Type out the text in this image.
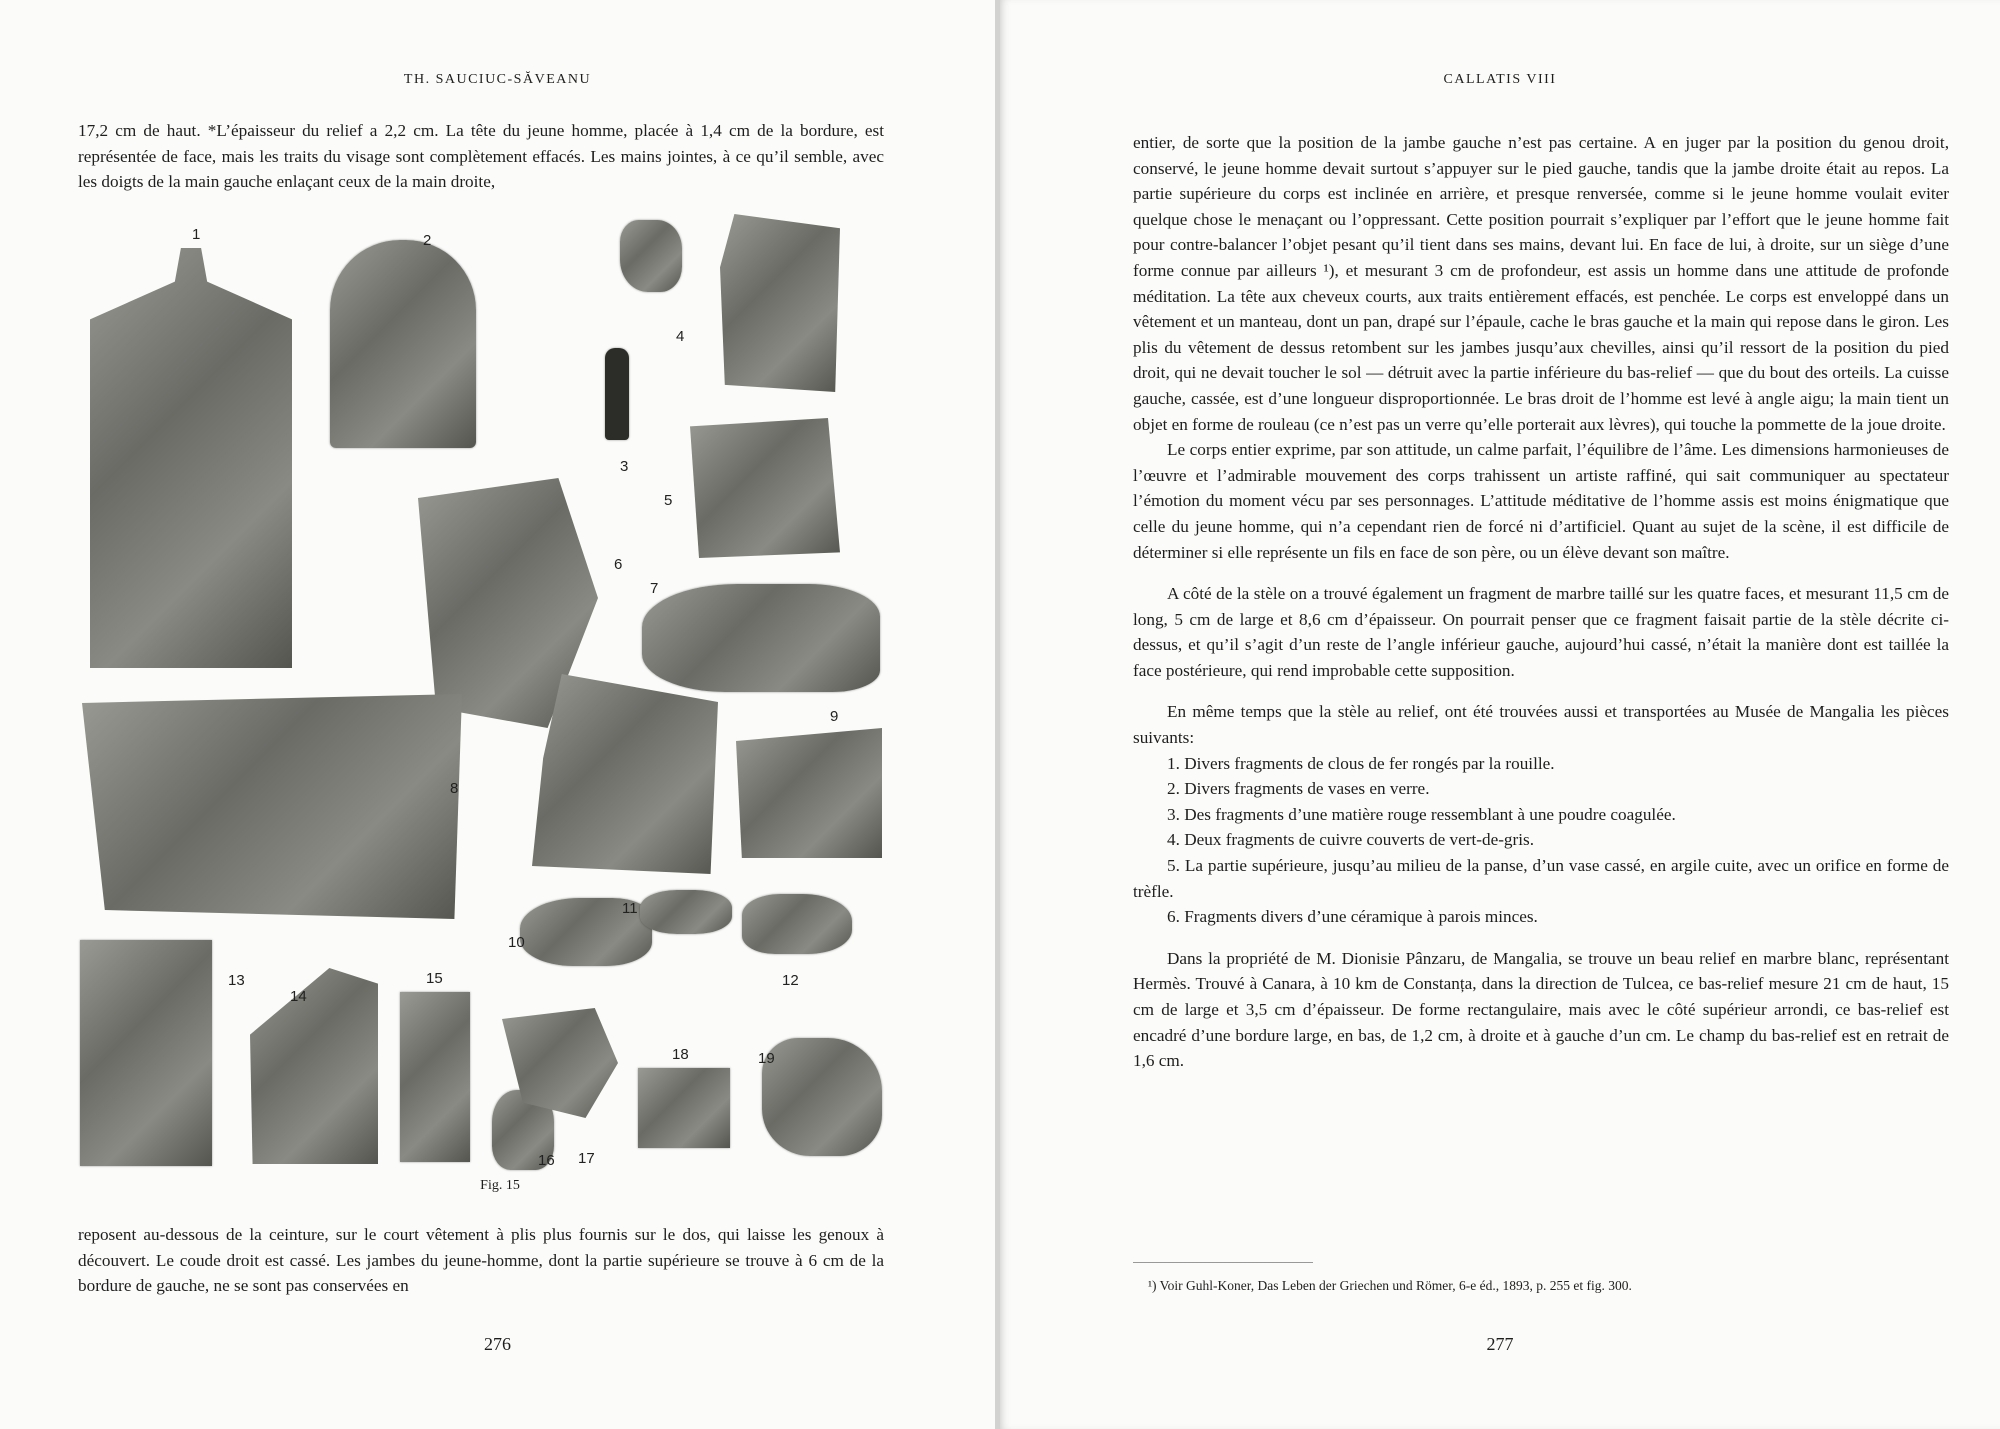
TH. SAUCIUC-SĂVEANU

17,2 cm de haut. *L’épaisseur du relief a 2,2 cm. La tête du jeune homme, placée à 1,4 cm de la bordure, est représentée de face, mais les traits du visage sont complètement effacés. Les mains jointes, à ce qu’il semble, avec les doigts de la main gauche enlaçant ceux de la main droite,

1	2
3
4
5
6
7
8
9
10
11
12
13
14
15
16 17
18	19
Fig. 15

reposent au-dessous de la ceinture, sur le court vêtement à plis plus fournis sur le dos, qui laisse les genoux à découvert. Le coude droit est cassé. Les jambes du jeune-homme, dont la partie supérieure se trouve à 6 cm de la bordure de gauche, ne se sont pas conservées en

276
CALLATIS VIII

entier, de sorte que la position de la jambe gauche n’est pas certaine. A en juger par la position du genou droit, conservé, le jeune homme devait surtout s’appuyer sur le pied gauche, tandis que la jambe droite était au repos. La partie supérieure du corps est inclinée en arrière, et presque renversée, comme si le jeune homme voulait eviter quelque chose le menaçant ou l’oppressant. Cette position pourrait s’expliquer par l’effort que le jeune homme fait pour contre-balancer l’objet pesant qu’il tient dans ses mains, devant lui. En face de lui, à droite, sur un siège d’une forme connue par ailleurs ¹), et mesurant 3 cm de profondeur, est assis un homme dans une attitude de profonde méditation. La tête aux cheveux courts, aux traits entièrement effacés, est penchée. Le corps est enveloppé dans un vêtement et un manteau, dont un pan, drapé sur l’épaule, cache le bras gauche et la main qui repose dans le giron. Les plis du vêtement de dessus retombent sur les jambes jusqu’aux chevilles, ainsi qu’il ressort de la position du pied droit, qui ne devait toucher le sol — détruit avec la partie inférieure du bas-relief — que du bout des orteils. La cuisse gauche, cassée, est d’une longueur disproportionnée. Le bras droit de l’homme est levé à angle aigu; la main tient un objet en forme de rouleau (ce n’est pas un verre qu’elle porterait aux lèvres), qui touche la pommette de la joue droite.

Le corps entier exprime, par son attitude, un calme parfait, l’équilibre de l’âme. Les dimensions harmonieuses de l’œuvre et l’admirable mouvement des corps trahissent un artiste raffiné, qui sait communiquer au spectateur l’émotion du moment vécu par ses personnages. L’attitude méditative de l’homme assis est moins énigmatique que celle du jeune homme, qui n’a cependant rien de forcé ni d’artificiel. Quant au sujet de la scène, il est difficile de déterminer si elle représente un fils en face de son père, ou un élève devant son maître.

A côté de la stèle on a trouvé également un fragment de marbre taillé sur les quatre faces, et mesurant 11,5 cm de long, 5 cm de large et 8,6 cm d’épaisseur. On pourrait penser que ce fragment faisait partie de la stèle décrite ci-dessus, et qu’il s’agit d’un reste de l’angle inférieur gauche, aujourd’hui cassé, n’était la manière dont est taillée la face postérieure, qui rend improbable cette supposition.

En même temps que la stèle au relief, ont été trouvées aussi et transportées au Musée de Mangalia les pièces suivants:

1. Divers fragments de clous de fer rongés par la rouille.
2. Divers fragments de vases en verre.
3. Des fragments d’une matière rouge ressemblant à une poudre coagulée.
4. Deux fragments de cuivre couverts de vert-de-gris.
5. La partie supérieure, jusqu’au milieu de la panse, d’un vase cassé, en argile cuite, avec un orifice en forme de trèfle.
6. Fragments divers d’une céramique à parois minces.

Dans la propriété de M. Dionisie Pânzaru, de Mangalia, se trouve un beau relief en marbre blanc, représentant Hermès. Trouvé à Canara, à 10 km de Constanța, dans la direction de Tulcea, ce bas-relief mesure 21 cm de haut, 15 cm de large et 3,5 cm d’épaisseur. De forme rectangulaire, mais avec le côté supérieur arrondi, ce bas-relief est encadré d’une bordure large, en bas, de 1,2 cm, à droite et à gauche d’un cm. Le champ du bas-relief est en retrait de 1,6 cm.

¹) Voir Guhl-Koner, Das Leben der Griechen und Römer, 6-e éd., 1893, p. 255 et fig. 300.
277
